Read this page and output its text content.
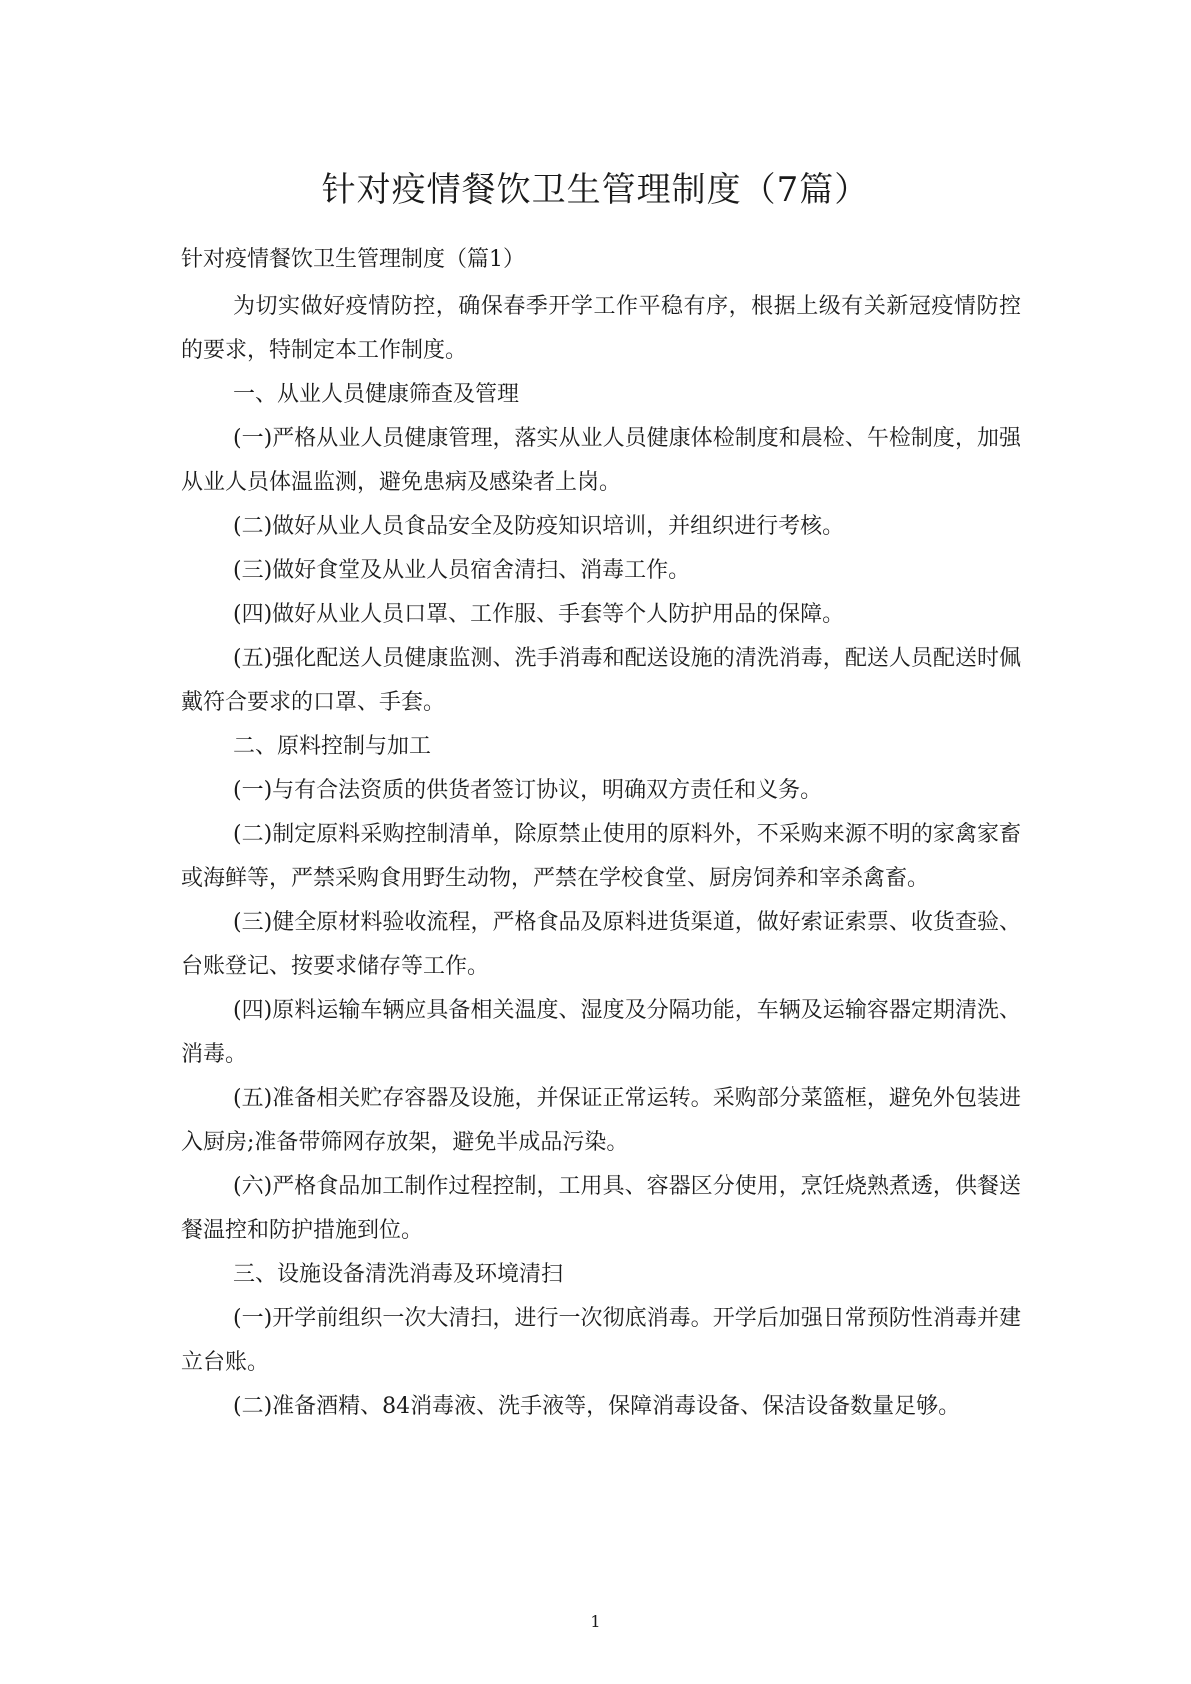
针对疫情餐饮卫生管理制度（7篇）

针对疫情餐饮卫生管理制度（篇1）

为切实做好疫情防控，确保春季开学工作平稳有序，根据上级有关新冠疫情防控的要求，特制定本工作制度。

一、从业人员健康筛查及管理

(一)严格从业人员健康管理，落实从业人员健康体检制度和晨检、午检制度，加强从业人员体温监测，避免患病及感染者上岗。

(二)做好从业人员食品安全及防疫知识培训，并组织进行考核。

(三)做好食堂及从业人员宿舍清扫、消毒工作。

(四)做好从业人员口罩、工作服、手套等个人防护用品的保障。

(五)强化配送人员健康监测、洗手消毒和配送设施的清洗消毒，配送人员配送时佩戴符合要求的口罩、手套。

二、原料控制与加工

(一)与有合法资质的供货者签订协议，明确双方责任和义务。

(二)制定原料采购控制清单，除原禁止使用的原料外，不采购来源不明的家禽家畜或海鲜等，严禁采购食用野生动物，严禁在学校食堂、厨房饲养和宰杀禽畜。

(三)健全原材料验收流程，严格食品及原料进货渠道，做好索证索票、收货查验、台账登记、按要求储存等工作。

(四)原料运输车辆应具备相关温度、湿度及分隔功能，车辆及运输容器定期清洗、消毒。

(五)准备相关贮存容器及设施，并保证正常运转。采购部分菜篮框，避免外包装进入厨房;准备带筛网存放架，避免半成品污染。

(六)严格食品加工制作过程控制，工用具、容器区分使用，烹饪烧熟煮透，供餐送餐温控和防护措施到位。

三、设施设备清洗消毒及环境清扫

(一)开学前组织一次大清扫，进行一次彻底消毒。开学后加强日常预防性消毒并建立台账。

(二)准备酒精、84消毒液、洗手液等，保障消毒设备、保洁设备数量足够。

1
